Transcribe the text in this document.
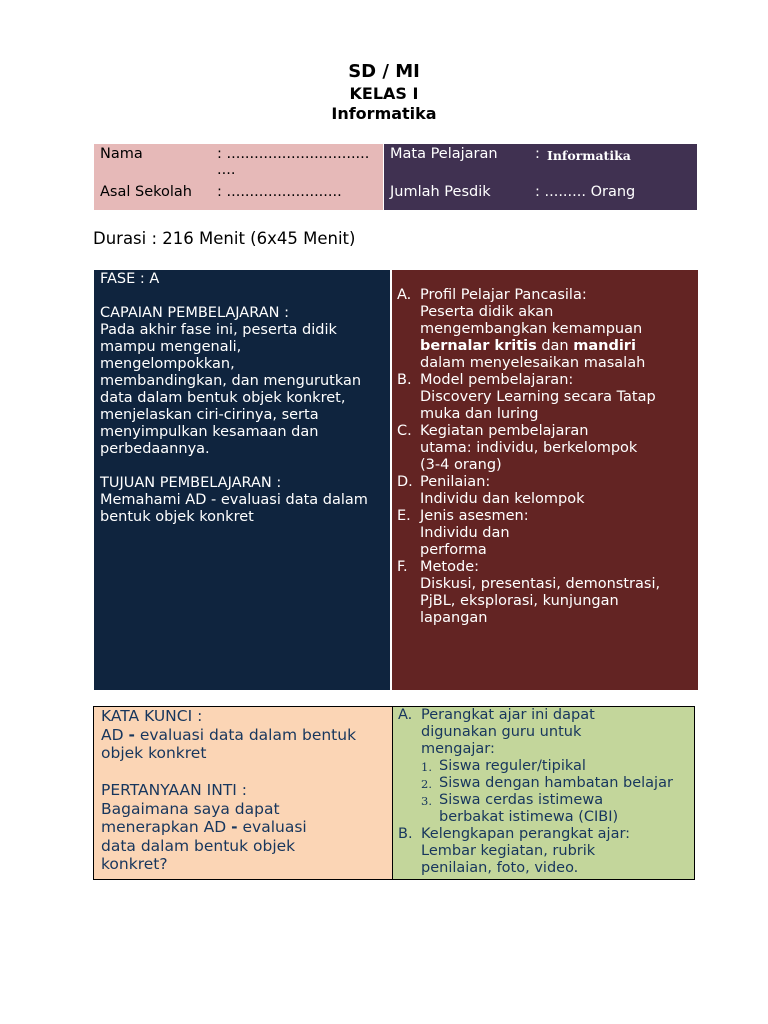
SD / MI
KELAS I
Informatika
Nama	: ...............................
....
Asal Sekolah : .........................
Mata Pelajaran	: Informatika
Jumlah Pesdik	: ......... Orang
Durasi : 216 Menit (6x45 Menit)
FASE : A
CAPAIAN PEMBELAJARAN :
Pada akhir fase ini, peserta didik
mampu mengenali,
mengelompokkan,
membandingkan, dan mengurutkan
data dalam bentuk objek konkret,
menjelaskan ciri-cirinya, serta
menyimpulkan kesamaan dan
perbedaannya.
TUJUAN PEMBELAJARAN :
Memahami AD - evaluasi data dalam
bentuk objek konkret
A. Profil Pelajar Pancasila:
Peserta didik akan
mengembangkan kemampuan
bernalar kritis dan mandiri
dalam menyelesaikan masalah
B. Model pembelajaran:
Discovery Learning secara Tatap
muka dan luring
C. Kegiatan pembelajaran
utama: individu, berkelompok
(3-4 orang)
D. Penilaian:
Individu dan kelompok
E. Jenis asesmen:
Individu dan
performa
F. Metode:
Diskusi, presentasi, demonstrasi,
PjBL, eksplorasi, kunjungan
lapangan
KATA KUNCI :
AD - evaluasi data dalam bentuk
objek konkret
PERTANYAAN INTI :
Bagaimana saya dapat
menerapkan AD - evaluasi
data dalam bentuk objek
konkret?
A. Perangkat ajar ini dapat
digunakan guru untuk
mengajar:
1. Siswa reguler/tipikal
2. Siswa dengan hambatan belajar
3. Siswa cerdas istimewa
berbakat istimewa (CIBI)
B. Kelengkapan perangkat ajar:
Lembar kegiatan, rubrik
penilaian, foto, video.
